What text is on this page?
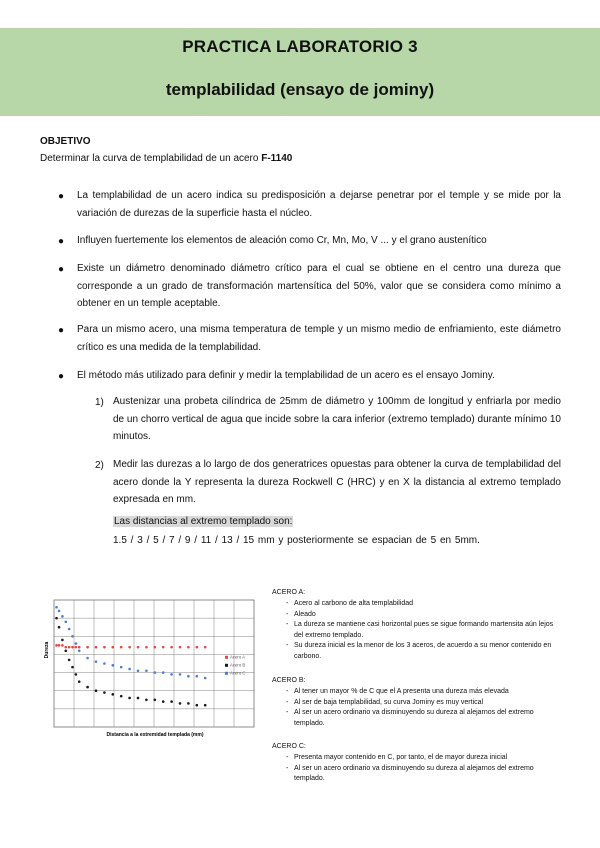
PRACTICA LABORATORIO 3
templabilidad (ensayo de jominy)
OBJETIVO
Determinar la curva de templabilidad de un acero F-1140
● La templabilidad de un acero indica su predisposición a dejarse penetrar por el temple y se mide por la variación de durezas de la superficie hasta el núcleo.
● Influyen fuertemente los elementos de aleación como Cr, Mn, Mo, V ... y el grano austenítico
● Existe un diámetro denominado diámetro crítico para el cual se obtiene en el centro una dureza que corresponde a un grado de transformación martensítica del 50%, valor que se considera como mínimo a obtener en un temple aceptable.
● Para un mismo acero, una misma temperatura de temple y un mismo medio de enfriamiento, este diámetro crítico es una medida de la templabilidad.
● El método más utilizado para definir y medir la templabilidad de un acero es el ensayo Jominy.
1) Austenizar una probeta cilíndrica de 25mm de diámetro y 100mm de longitud y enfriarla por medio de un chorro vertical de agua que incide sobre la cara inferior (extremo templado) durante mínimo 10 minutos.
2) Medir las durezas a lo largo de dos generatrices opuestas para obtener la curva de templabilidad del acero donde la Y representa la dureza Rockwell C (HRC) y en X la distancia al extremo templado expresada en mm.
Las distancias al extremo templado son:
1.5 / 3 / 5 / 7 / 9 / 11 / 13 / 15 mm y posteriormente se espacian de 5 en 5mm.
Acero A
Acero B
Acero C
Dureza
Distancia a la extremidad templada (mm)
ACERO A:
- Acero al carbono de alta templabilidad
- Aleado
- La dureza se mantiene casi horizontal pues se sigue formando martensita aún lejos del extremo templado.
- Su dureza inicial es la menor de los 3 aceros, de acuerdo a su menor contenido en carbono.
ACERO B:
- Al tener un mayor % de C que el A presenta una dureza más elevada
- Al ser de baja templabilidad, su curva Jominy es muy vertical
- Al ser un acero ordinario va disminuyendo su dureza al alejarnos del extremo templado.
ACERO C:
- Presenta mayor contenido en C, por tanto, el de mayor dureza inicial
- Al ser un acero ordinario va disminuyendo su dureza al alejarnos del extremo templado.
